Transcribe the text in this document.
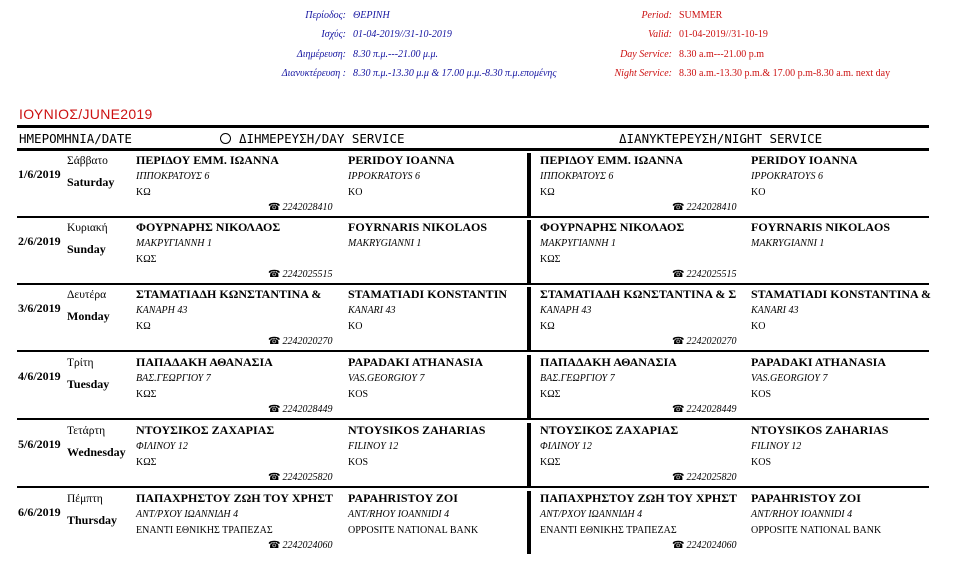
Περίοδος:
Ισχύς:
Διημέρευση:
Διανυκτέρευση :
ΘΕΡΙΝΗ
01-04-2019//31-10-2019
8.30 π.μ.---21.00 μ.μ.
8.30 π.μ.-13.30 μ.μ & 17.00 μ.μ.-8.30 π.μ.επομένης
Period:
Valid:
Day Service:
Night Service:
SUMMER
01-04-2019//31-10-19
8.30 a.m---21.00 p.m
8.30 a.m.-13.30 p.m.& 17.00 p.m-8.30 a.m. next day
ΙΟΥΝΙΟΣ/JUNE2019
ΗΜΕΡΟΜΗΝΙΑ/DATE	ΔΙΗΜΕΡΕΥΣΗ/DAY SERVICE	ΔΙΑΝΥΚΤΕΡΕΥΣΗ/NIGHT SERVICE
1/6/2019
Σάββατο
Saturday
ΠΕΡΙΔΟΥ ΕΜΜ. ΙΩΑΝΝΑ
ΙΠΠΟΚΡΑΤΟΥΣ 6
ΚΩ
☎ 2242028410
PERIDOY IOANNA
IPPOKRATOYS 6
KO
ΠΕΡΙΔΟΥ ΕΜΜ. ΙΩΑΝΝΑ
ΙΠΠΟΚΡΑΤΟΥΣ 6
ΚΩ
☎ 2242028410
PERIDOY IOANNA
IPPOKRATOYS 6
KO
2/6/2019
Κυριακή
Sunday
ΦΟΥΡΝΑΡΗΣ ΝΙΚΟΛΑΟΣ
ΜΑΚΡΥΓΙΑΝΝΗ 1
ΚΩΣ
☎ 2242025515
FOYRNARIS NIKOLAOS
MAKRYGIANNI 1
ΦΟΥΡΝΑΡΗΣ ΝΙΚΟΛΑΟΣ
ΜΑΚΡΥΓΙΑΝΝΗ 1
ΚΩΣ
☎ 2242025515
FOYRNARIS NIKOLAOS
MAKRYGIANNI 1
3/6/2019
Δευτέρα
Monday
ΣΤΑΜΑΤΙΑΔΗ ΚΩΝΣΤΑΝΤΙΝΑ &
ΚΑΝΑΡΗ 43
ΚΩ
☎ 2242020270
STAMATIADI KONSTANTIN
KANARI 43
KO
ΣΤΑΜΑΤΙΑΔΗ ΚΩΝΣΤΑΝΤΙΝΑ & Σ
ΚΑΝΑΡΗ 43
ΚΩ
☎ 2242020270
STAMATIADI KONSTANTINA &
KANARI 43
KO
4/6/2019
Τρίτη
Tuesday
ΠΑΠΑΔΑΚΗ ΑΘΑΝΑΣΙΑ
ΒΑΣ.ΓΕΩΡΓΙΟΥ 7
ΚΩΣ
☎ 2242028449
PAPADAKI ATHANASIA
VAS.GEORGIOY 7
KOS
ΠΑΠΑΔΑΚΗ ΑΘΑΝΑΣΙΑ
ΒΑΣ.ΓΕΩΡΓΙΟΥ 7
ΚΩΣ
☎ 2242028449
PAPADAKI ATHANASIA
VAS.GEORGIOY 7
KOS
5/6/2019
Τετάρτη
Wednesday
ΝΤΟΥΣΙΚΟΣ ΖΑΧΑΡΙΑΣ
ΦΙΛΙΝΟΥ 12
ΚΩΣ
☎ 2242025820
NTOYSIKOS ZAHARIAS
FILINOY 12
KOS
ΝΤΟΥΣΙΚΟΣ ΖΑΧΑΡΙΑΣ
ΦΙΛΙΝΟΥ 12
ΚΩΣ
☎ 2242025820
NTOYSIKOS ZAHARIAS
FILINOY 12
KOS
6/6/2019
Πέμπτη
Thursday
ΠΑΠΑΧΡΗΣΤΟΥ ΖΩΗ ΤΟΥ ΧΡΗΣΤ
ΑΝΤ/ΡΧΟΥ ΙΩΑΝΝΙΔΗ 4
ΕΝΑΝΤΙ ΕΘΝΙΚΗΣ ΤΡΑΠΕΖΑΣ
☎ 2242024060
PAPAHRISTOY ZOI
ANT/RHOY IOANNIDI 4
OPPOSITE NATIONAL BANK
ΠΑΠΑΧΡΗΣΤΟΥ ΖΩΗ ΤΟΥ ΧΡΗΣΤ
ΑΝΤ/ΡΧΟΥ ΙΩΑΝΝΙΔΗ 4
ΕΝΑΝΤΙ ΕΘΝΙΚΗΣ ΤΡΑΠΕΖΑΣ
☎ 2242024060
PAPAHRISTOY ZOI
ANT/RHOY IOANNIDI 4
OPPOSITE NATIONAL BANK
